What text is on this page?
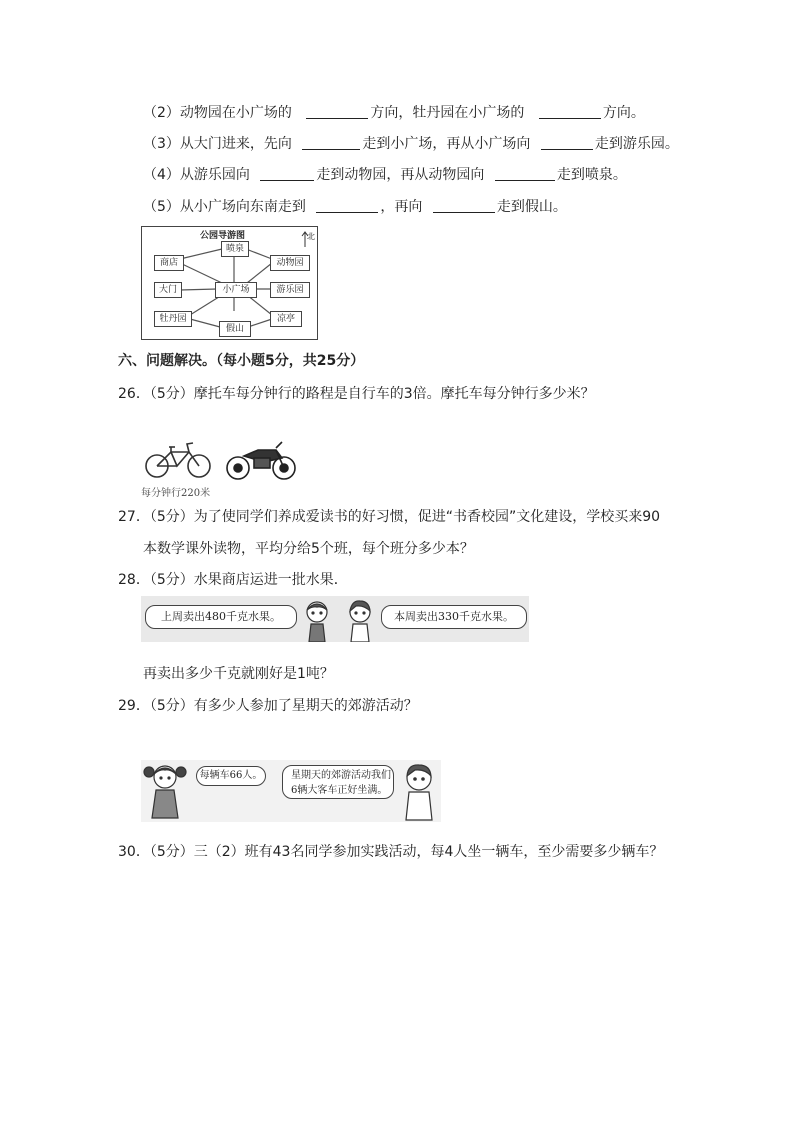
（2）动物园在小广场的	方向，牡丹园在小广场的	方向。
（3）从大门进来，先向	走到小广场，再从小广场向	走到游乐园。
（4）从游乐园向	走到动物园，再从动物园向	走到喷泉。
（5）从小广场向东南走到	，再向	走到假山。
公园导游图	北
喷泉
商店	动物园
大门	小广场	游乐园
牡丹园
假山
凉亭
六、问题解决。（每小题5分，共25分）
26．（5分）摩托车每分钟行的路程是自行车的3倍。摩托车每分钟行多少米？
每分钟行220米
27．（5分）为了使同学们养成爱读书的好习惯，促进“书香校园”文化建设，学校买来90
本数学课外读物，平均分给5个班，每个班分多少本？
28．（5分）水果商店运进一批水果．
上周卖出480千克水果。	本周卖出330千克水果。
再卖出多少千克就刚好是1吨？
29．（5分）有多少人参加了星期天的郊游活动？
每辆车66人。	星期天的郊游活动我们
6辆大客车正好坐满。
30．（5分）三（2）班有43名同学参加实践活动，每4人坐一辆车，至少需要多少辆车？
